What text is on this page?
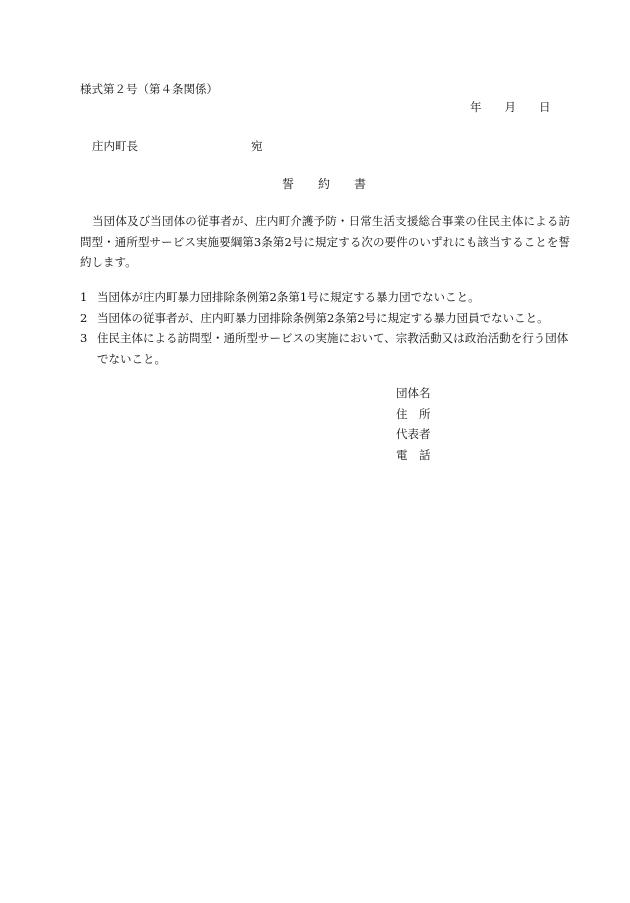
様式第２号（第４条関係）
年　　月　　日
庄内町長	宛
誓　　約　　書
当団体及び当団体の従事者が、庄内町介護予防・日常生活支援総合事業の住民主体による訪問型・通所型サービス実施要綱第3条第2号に規定する次の要件のいずれにも該当することを誓約します。
1 当団体が庄内町暴力団排除条例第2条第1号に規定する暴力団でないこと。
2 当団体の従事者が、庄内町暴力団排除条例第2条第2号に規定する暴力団員でないこと。
3 住民主体による訪問型・通所型サービスの実施において、宗教活動又は政治活動を行う団体でないこと。
団体名
住　所
代表者
電　話
